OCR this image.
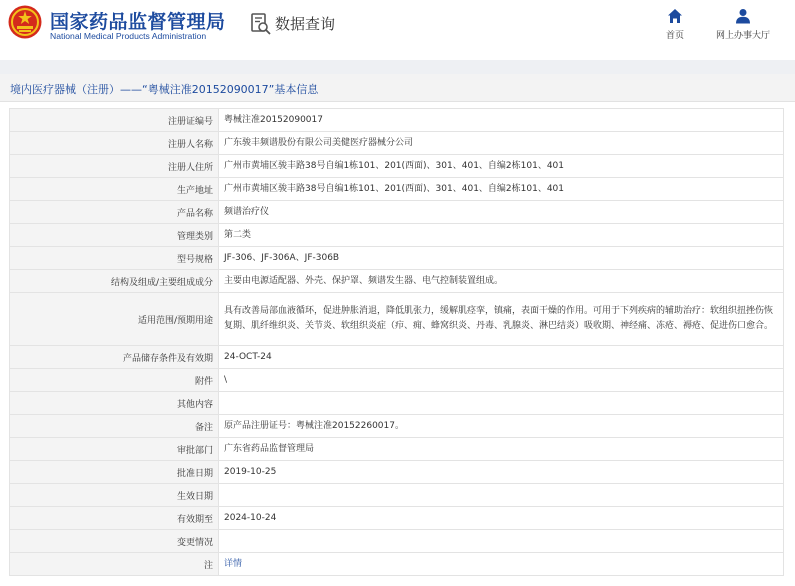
国家药品监督管理局
National Medical Products Administration
数据查询
首页	网上办事大厅
境内医疗器械（注册）——“粤械注准20152090017”基本信息
注册证编号	粤械注准20152090017
注册人名称	广东骏丰频谱股份有限公司美健医疗器械分公司
注册人住所	广州市黄埔区骏丰路38号自编1栋101、201(西面)、301、401、自编2栋101、401
生产地址	广州市黄埔区骏丰路38号自编1栋101、201(西面)、301、401、自编2栋101、401
产品名称	频谱治疗仪
管理类别	第二类
型号规格	JF-306、JF-306A、JF-306B
结构及组成/主要组成成分	主要由电源适配器、外壳、保护罩、频谱发生器、电气控制装置组成。
适用范围/预期用途	具有改善局部血液循环，促进肿胀消退，降低肌张力，缓解肌痉挛，镇痛，表面干燥的作用。可用于下列疾病的辅助治疗：软组织扭挫伤恢复期、肌纤维织炎、关节炎、软组织炎症（疖、痈、蜂窝织炎、丹毒、乳腺炎、淋巴结炎）吸收期、神经痛、冻疮、褥疮、促进伤口愈合。
产品储存条件及有效期	24-OCT-24
附件	\
其他内容	
备注	原产品注册证号：粤械注准20152260017。
审批部门	广东省药品监督管理局
批准日期	2019-10-25
生效日期	
有效期至	2024-10-24
变更情况	
注	详情
